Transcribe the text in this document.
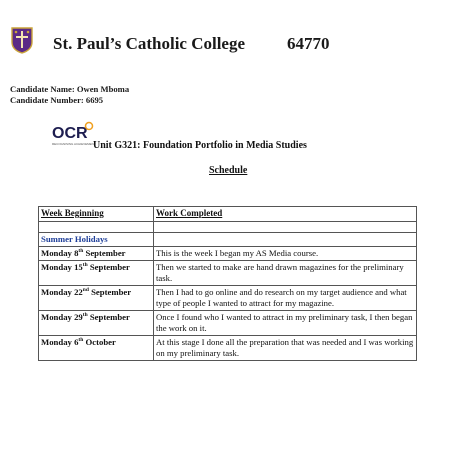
St. Paul’s Catholic College 64770
Candidate Name: Owen Mboma
Candidate Number: 6695
OCR
RECOGNISING ACHIEVEMENT
Unit G321: Foundation Portfolio in Media Studies
Schedule
Week Beginning	Work Completed

Summer Holidays	
Monday 8th September	This is the week I began my AS Media course.
Monday 15th September	Then we started to make are hand drawn magazines for the preliminary task.
Monday 22nd September	Then I had to go online and do research on my target audience and what type of people I wanted to attract for my magazine.
Monday 29th September	Once I found who I wanted to attract in my preliminary task, I then began the work on it.
Monday 6th October	At this stage I done all the preparation that was needed and I was working on my preliminary task.
